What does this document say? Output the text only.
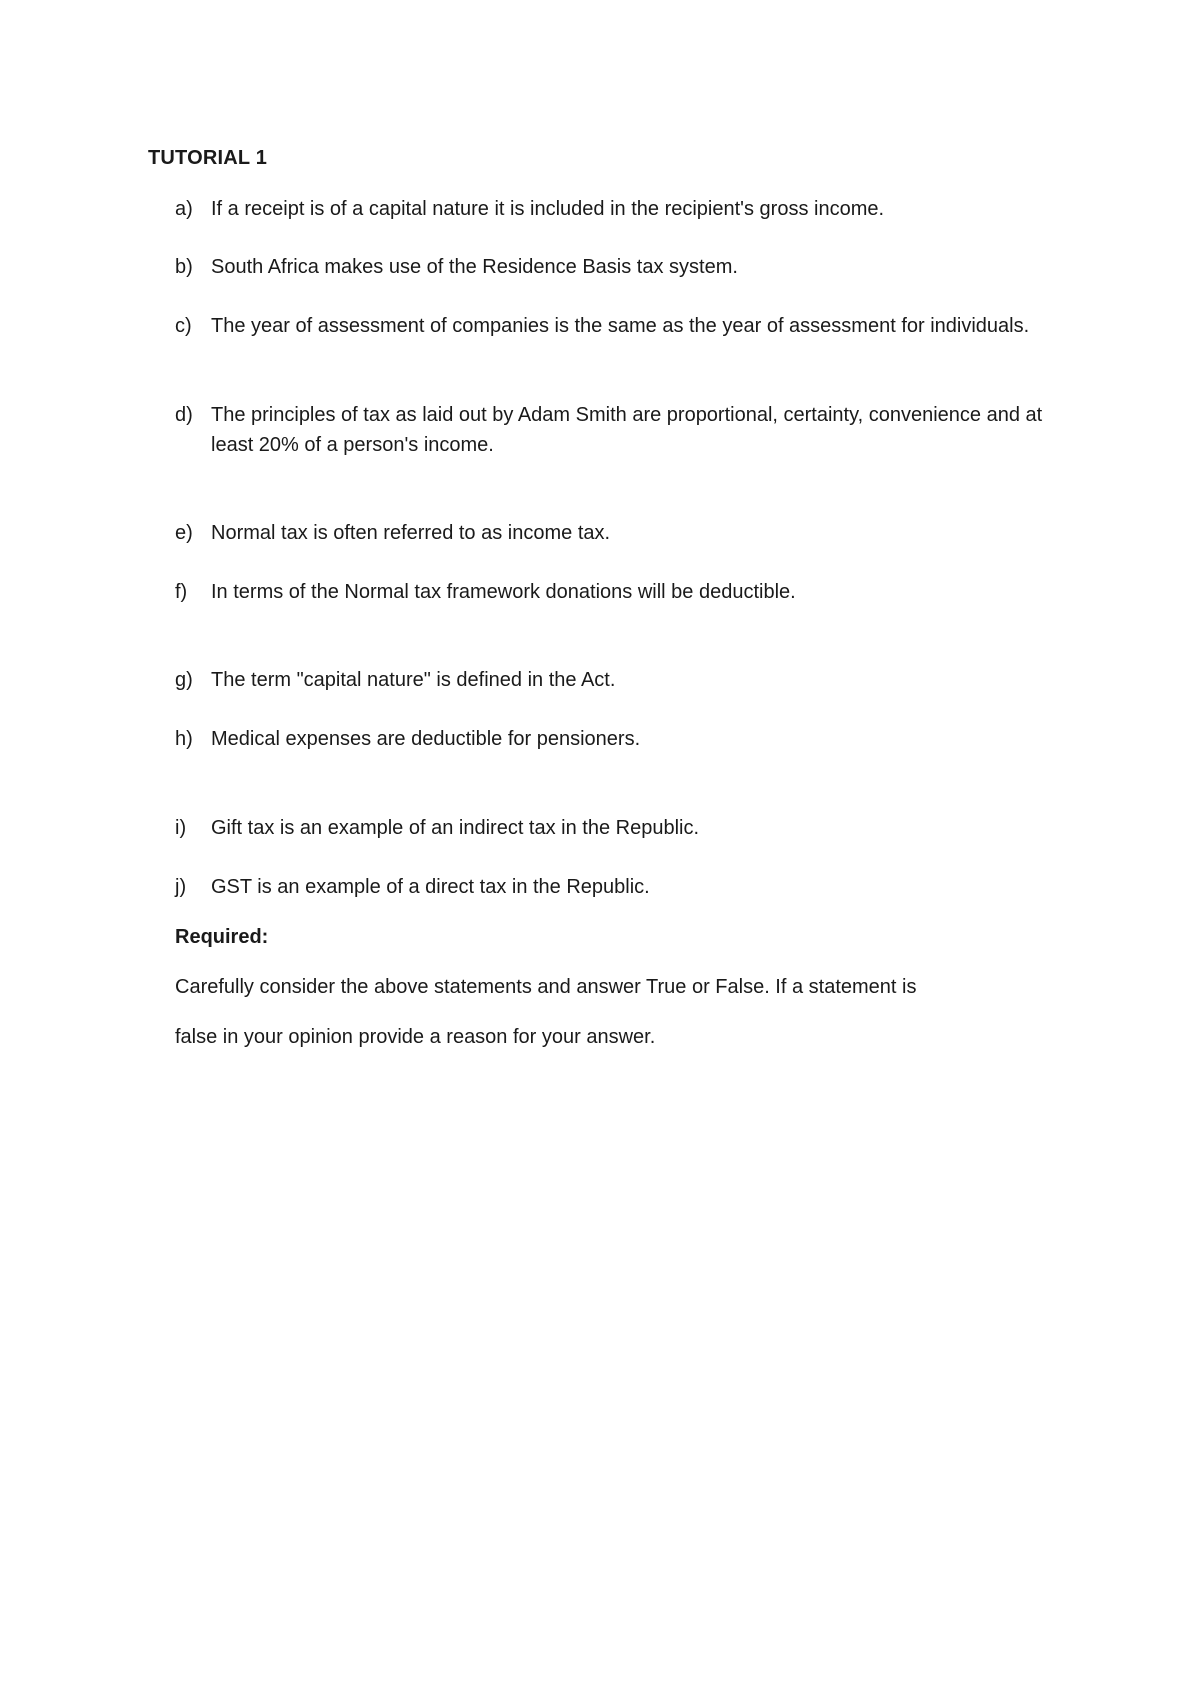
TUTORIAL 1
a) If a receipt is of a capital nature it is included in the recipient's gross income.
b) South Africa makes use of the Residence Basis tax system.
c) The year of assessment of companies is the same as the year of assessment for individuals.
d) The principles of tax as laid out by Adam Smith are proportional, certainty, convenience and at least 20% of a person's income.
e) Normal tax is often referred to as income tax.
f)	In terms of the Normal tax framework donations will be deductible.
g) The term "capital nature" is defined in the Act.
h) Medical expenses are deductible for pensioners.
i)	Gift tax is an example of an indirect tax in the Republic.
j)	GST is an example of a direct tax in the Republic.
Required:
Carefully consider the above statements and answer True or False. If a statement is
false in your opinion provide a reason for your answer.
